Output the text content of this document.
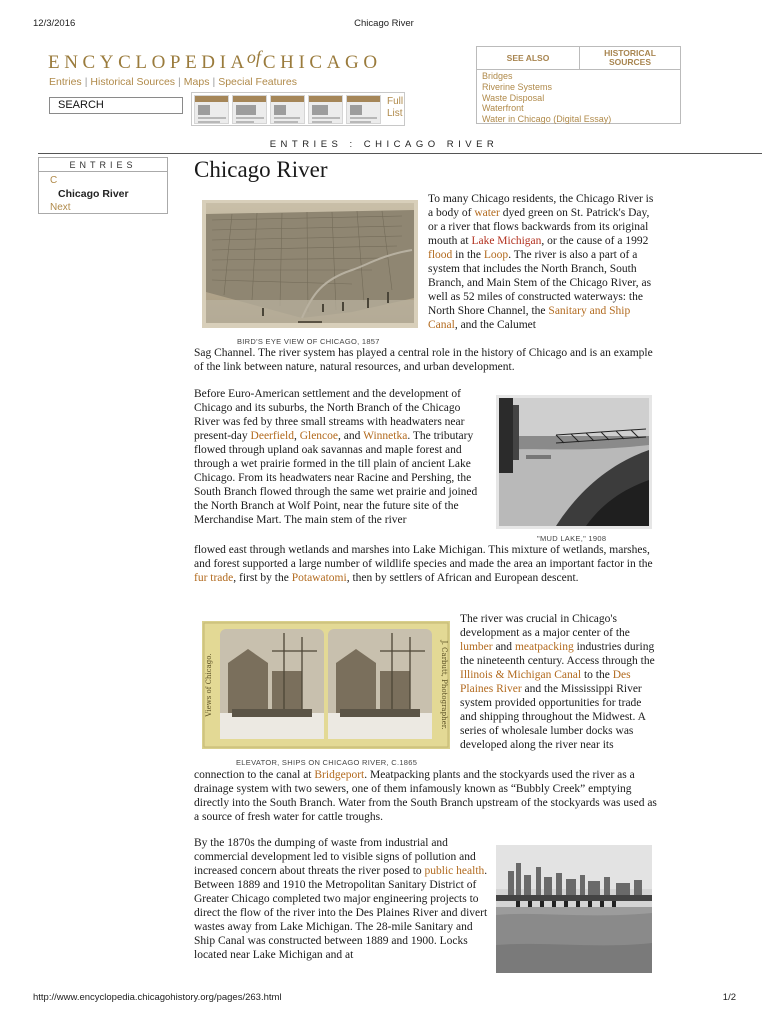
12/3/2016	Chicago River
ENCYCLOPEDIAof CHICAGO
Entries | Historical Sources | Maps | Special Features
SEARCH	Full
List
SEE ALSO	HISTORICAL
SOURCES
Bridges
Riverine Systems
Waste Disposal
Waterfront
Water in Chicago (Digital Essay)
ENTRIES : CHICAGO RIVER
ENTRIES
C
Chicago River
Next
Chicago River
BIRD'S EYE VIEW OF CHICAGO, 1857
To many Chicago residents, the Chicago River is a body of water dyed green on St. Patrick's Day, or a river that flows backwards from its original mouth at Lake Michigan, or the cause of a 1992 flood in the Loop. The river is also a part of a system that includes the North Branch, South Branch, and Main Stem of the Chicago River, as well as 52 miles of constructed waterways: the North Shore Channel, the Sanitary and Ship Canal, and the Calumet
Sag Channel. The river system has played a central role in the history of Chicago and is an example of the link between nature, natural resources, and urban development.
"MUD LAKE," 1908
Before Euro-American settlement and the development of Chicago and its suburbs, the North Branch of the Chicago River was fed by three small streams with headwaters near present-day Deerfield, Glencoe, and Winnetka. The tributary flowed through upland oak savannas and maple forest and through a wet prairie formed in the till plain of ancient Lake Chicago. From its headwaters near Racine and Pershing, the South Branch flowed through the same wet prairie and joined the North Branch at Wolf Point, near the future site of the Merchandise Mart. The main stem of the river
flowed east through wetlands and marshes into Lake Michigan. This mixture of wetlands, marshes, and forest supported a large number of wildlife species and made the area an important factor in the fur trade, first by the Potawatomi, then by settlers of African and European descent.
Views of Chicago.	J. Carbutt, Photographer.
ELEVATOR, SHIPS ON CHICAGO RIVER, C.1865
The river was crucial in Chicago's development as a major center of the lumber and meatpacking industries during the nineteenth century. Access through the Illinois & Michigan Canal to the Des Plaines River and the Mississippi River system provided opportunities for trade and shipping throughout the Midwest. A series of wholesale lumber docks was developed along the river near its
connection to the canal at Bridgeport. Meatpacking plants and the stockyards used the river as a drainage system with two sewers, one of them infamously known as “Bubbly Creek” emptying directly into the South Branch. Water from the South Branch upstream of the stockyards was used as a source of fresh water for cattle troughs.
By the 1870s the dumping of waste from industrial and commercial development led to visible signs of pollution and increased concern about threats the river posed to public health. Between 1889 and 1910 the Metropolitan Sanitary District of Greater Chicago completed two major engineering projects to direct the flow of the river into the Des Plaines River and divert wastes away from Lake Michigan. The 28-mile Sanitary and Ship Canal was constructed between 1889 and 1900. Locks located near Lake Michigan and at
http://www.encyclopedia.chicagohistory.org/pages/263.html	1/2
